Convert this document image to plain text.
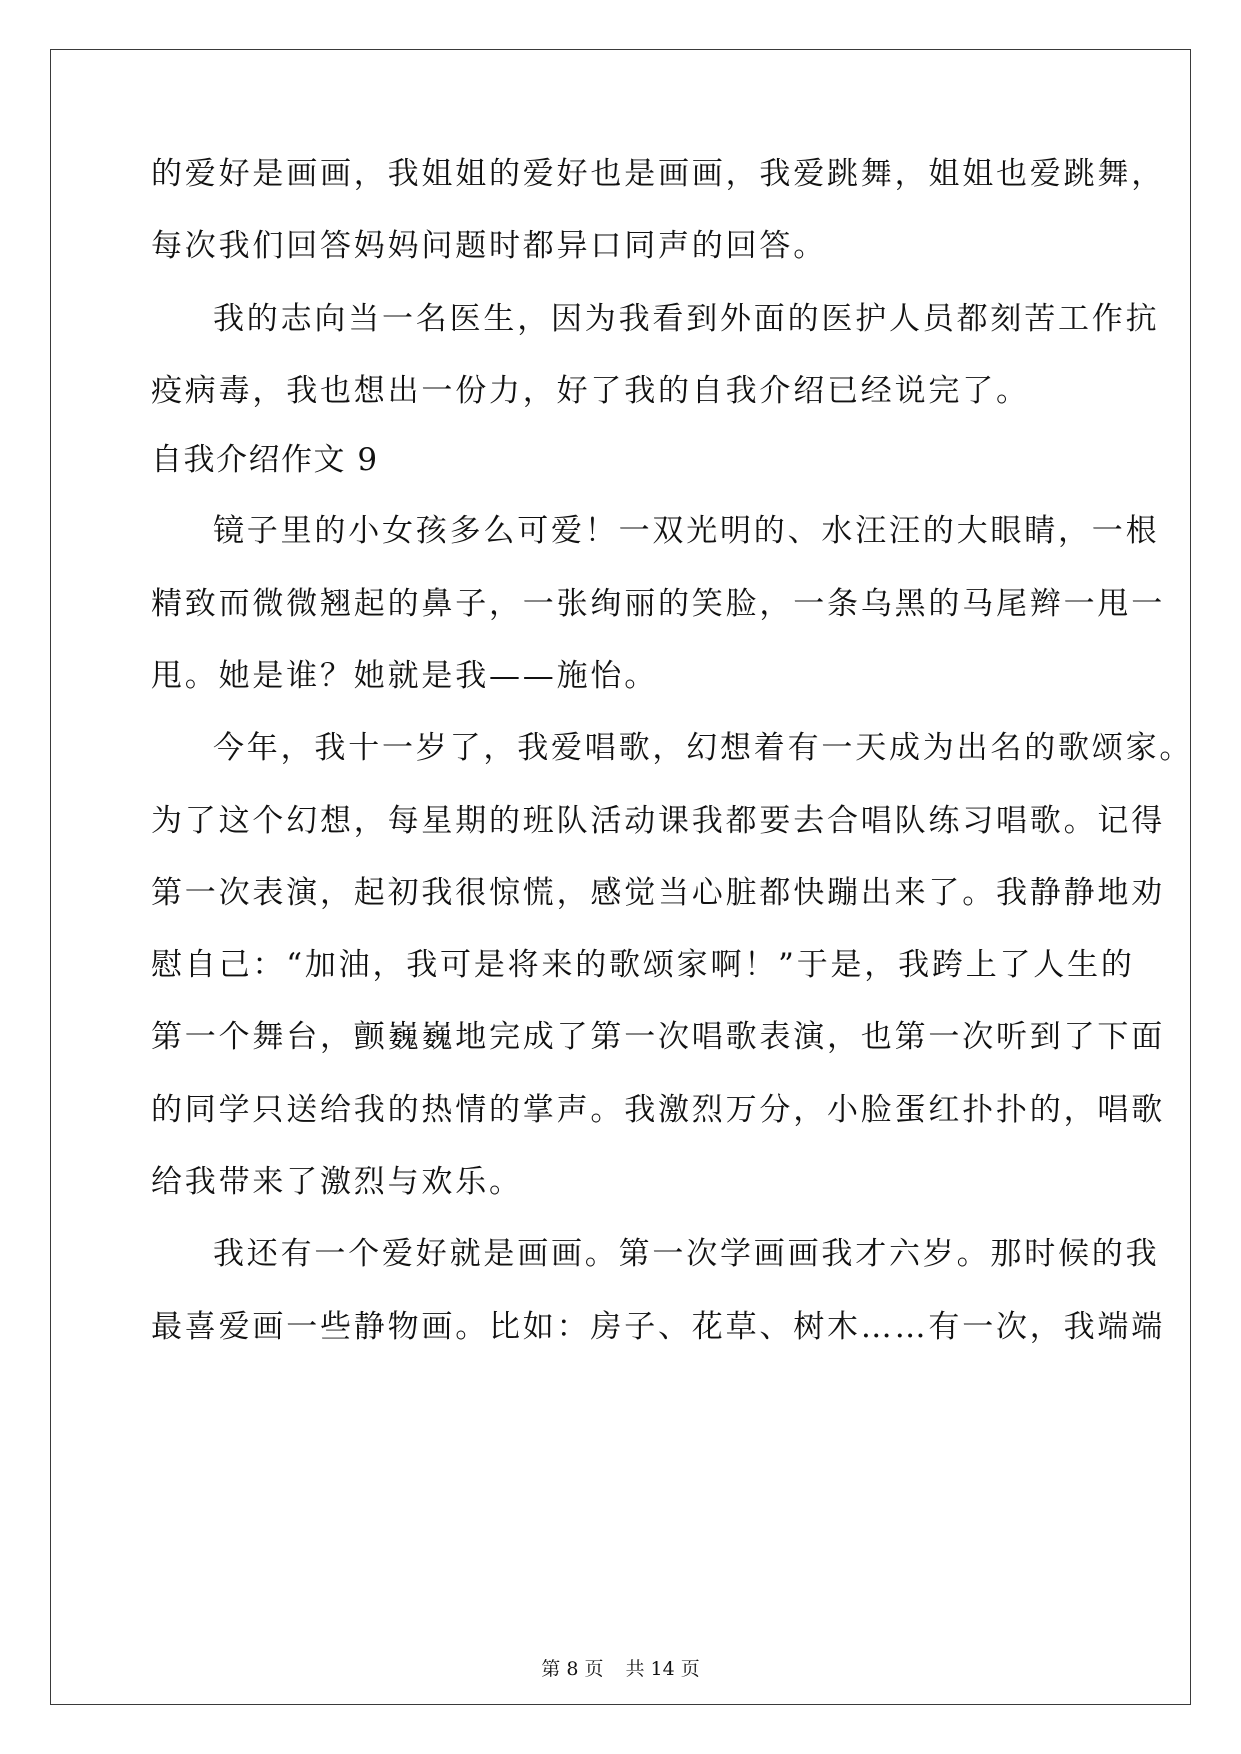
的爱好是画画，我姐姐的爱好也是画画，我爱跳舞，姐姐也爱跳舞，
每次我们回答妈妈问题时都异口同声的回答。
我的志向当一名医生，因为我看到外面的医护人员都刻苦工作抗
疫病毒，我也想出一份力，好了我的自我介绍已经说完了。
自我介绍作文 9
镜子里的小女孩多么可爱！一双光明的、水汪汪的大眼睛，一根
精致而微微翘起的鼻子，一张绚丽的笑脸，一条乌黑的马尾辫一甩一
甩。她是谁？她就是我——施怡。
今年，我十一岁了，我爱唱歌，幻想着有一天成为出名的歌颂家。
为了这个幻想，每星期的班队活动课我都要去合唱队练习唱歌。记得
第一次表演，起初我很惊慌，感觉当心脏都快蹦出来了。我静静地劝
慰自己：“加油，我可是将来的歌颂家啊！”于是，我跨上了人生的
第一个舞台，颤巍巍地完成了第一次唱歌表演，也第一次听到了下面
的同学只送给我的热情的掌声。我激烈万分，小脸蛋红扑扑的，唱歌
给我带来了激烈与欢乐。
我还有一个爱好就是画画。第一次学画画我才六岁。那时候的我
最喜爱画一些静物画。比如：房子、花草、树木……有一次，我端端
第 8 页 共 14 页
